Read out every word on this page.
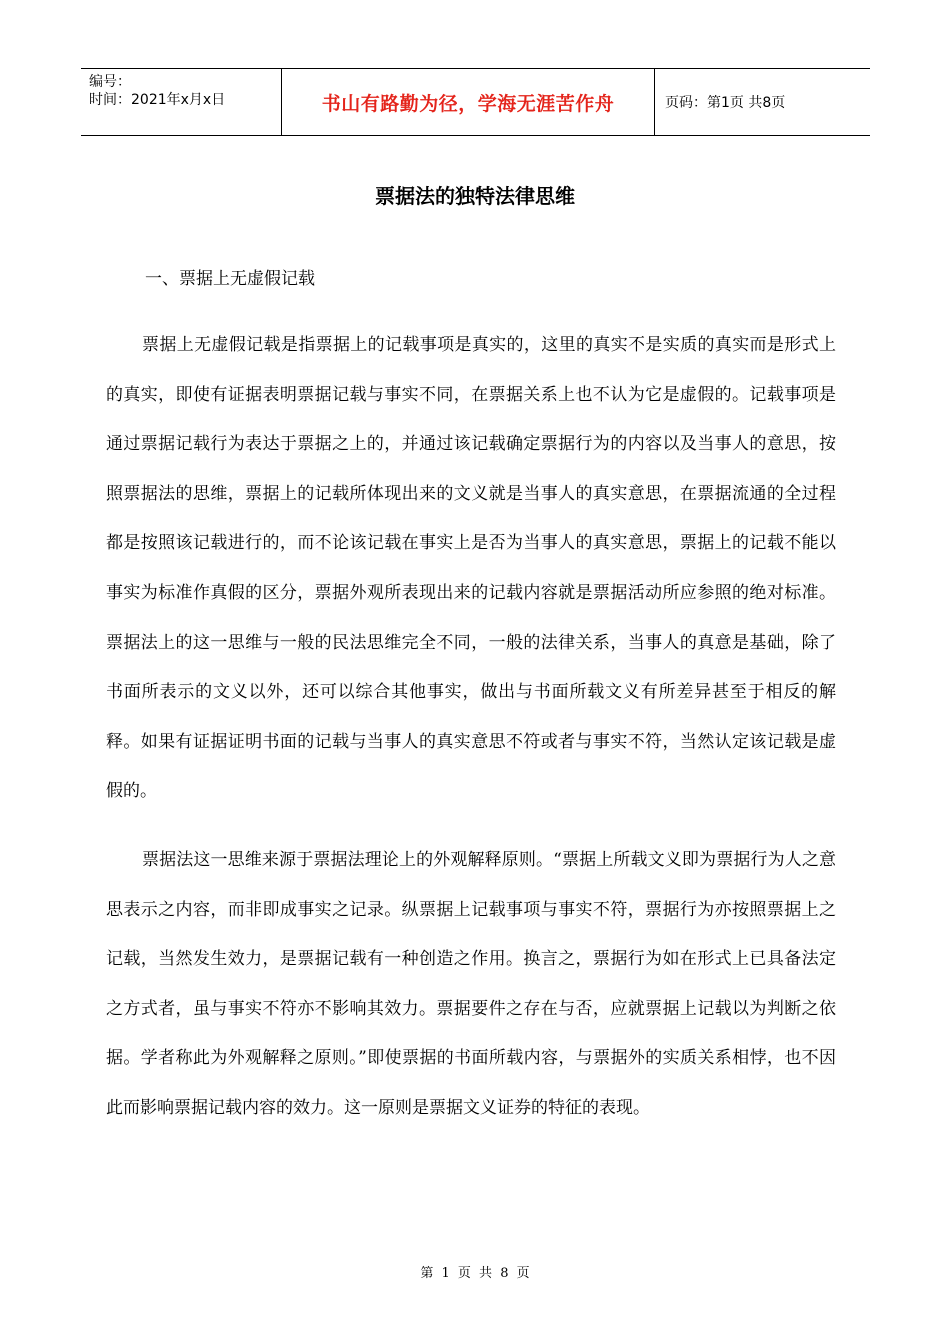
编号：
时间：2021年x月x日	书山有路勤为径，学海无涯苦作舟	页码：第1页 共8页
票据法的独特法律思维
一、票据上无虚假记载

票据上无虚假记载是指票据上的记载事项是真实的，这里的真实不是实质的真实而是形式上的真实，即使有证据表明票据记载与事实不同，在票据关系上也不认为它是虚假的。记载事项是通过票据记载行为表达于票据之上的，并通过该记载确定票据行为的内容以及当事人的意思，按照票据法的思维，票据上的记载所体现出来的文义就是当事人的真实意思，在票据流通的全过程都是按照该记载进行的，而不论该记载在事实上是否为当事人的真实意思，票据上的记载不能以事实为标准作真假的区分，票据外观所表现出来的记载内容就是票据活动所应参照的绝对标准。票据法上的这一思维与一般的民法思维完全不同，一般的法律关系，当事人的真意是基础，除了书面所表示的文义以外，还可以综合其他事实，做出与书面所载文义有所差异甚至于相反的解释。如果有证据证明书面的记载与当事人的真实意思不符或者与事实不符，当然认定该记载是虚假的。

票据法这一思维来源于票据法理论上的外观解释原则。“票据上所载文义即为票据行为人之意思表示之内容，而非即成事实之记录。纵票据上记载事项与事实不符，票据行为亦按照票据上之记载，当然发生效力，是票据记载有一种创造之作用。换言之，票据行为如在形式上已具备法定之方式者，虽与事实不符亦不影响其效力。票据要件之存在与否，应就票据上记载以为判断之依据。学者称此为外观解释之原则。”即使票据的书面所载内容，与票据外的实质关系相悖，也不因此而影响票据记载内容的效力。这一原则是票据文义证券的特征的表现。

第 1 页 共 8 页
